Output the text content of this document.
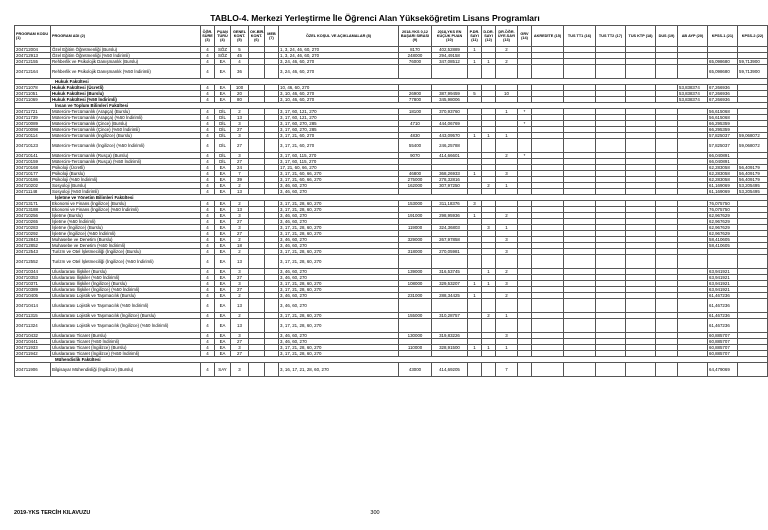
TABLO-4. Merkezi Yerleştirme İle Öğrenci Alan Yükseköğretim Lisans Programları
PROGRAM KODU (1)	PROGRAM ADI (2)	ÖĞR. SÜRE (3)	PUAN TÜRÜ (4)	GENEL KONT. (5)	OK.BİR. KONT. (6)	MEB (7)	ÖZEL KOŞUL VE AÇIKLAMALAR (8)	2018-YKS 0,12 BAŞARI SIRASI (9)	2018-YKS EN KÜÇÜK PUAN (10)	P.DR. SAYI (11)	D.DR. SAYI (12)	DR.ÖĞR. ÜYE.SAYI (13)	GRV (14)	AKREDİTE (15)	TUS TT1 (16)	TUS TT2 (17)	TUS KTP (18)	DUS (19)	AB AYP (20)	KPSS-1 (21)	KPSS-2 (22)
204712004	Özel Eğitim Öğretmenliği (Burslu)	4	SÖZ	5			1, 3, 24, 46, 60, 270	8170	402,52889	1		2									
204712913	Özel Eğitim Öğretmenliği (%50 İndirimli)	4	SÖZ	45			1, 3, 24, 46, 60, 270	248000	294,49158												
204712155	Rehberlik ve Psikolojik Danışmanlık (Burslu)	4	EA	4			3, 24, 46, 60, 270	76000	347,08512	1	1	2								65,098680	59,713900
204712164	Rehberlik ve Psikolojik Danışmanlık (%50 İndirimli)	4	EA	36			3, 24, 46, 60, 270													65,098680	59,713900
Hukuk Fakültesi																					
204711078	Hukuk Fakültesi (Ücretli)	4	EA	100			10, 46, 60, 270												53,838374	67,266936	
204711051	Hukuk Fakültesi (Burslu)	4	EA	20			3, 10, 46, 60, 270	26900	387,99459	5		10							53,838374	67,266936	
204711069	Hukuk Fakültesi (%50 İndirimli)	4	EA	80			3, 10, 46, 60, 270	77800	345,98006										53,838374	67,266936	
İnsan ve Toplum Bilimleri Fakültesi																					
204711721	Mütercim-Tercümanlık (Arapça) (Burslu)	4	DİL	2			3, 17, 60, 121, 270	18100	370,93760			1	*							56,615068	
204711739	Mütercim-Tercümanlık (Arapça) (%50 İndirimli)	4	DİL	13			3, 17, 60, 121, 270													56,615068	
204710089	Mütercim-Tercümanlık (Çince) (Burslu)	4	DİL	3			3, 17, 60, 270, 285	4710	444,06769				*							66,295359	
204710098	Mütercim-Tercümanlık (Çince) (%50 İndirimli)	4	DİL	27			3, 17, 60, 270, 285													66,295359	
204710114	Mütercim-Tercümanlık (İngilizce) (Burslu)	4	DİL	3			3, 17, 21, 60, 270	4830	443,09570	1	1	1								57,825037	59,068072
204710123	Mütercim-Tercümanlık (İngilizce) (%50 İndirimli)	4	DİL	27			3, 17, 21, 60, 270	55400	246,25788											57,825037	59,068072
204710141	Mütercim-Tercümanlık (Rusça) (Burslu)	4	DİL	3			3, 17, 60, 115, 270	9070	414,66601			2	*							66,040891	
204710159	Mütercim-Tercümanlık (Rusça) (%50 İndirimli)	4	DİL	27			3, 17, 60, 115, 270													66,040891	
204710168	Psikoloji (Ücretli)	4	EA	24			17, 21, 60, 66, 270													62,283058	56,409179
204710177	Psikoloji (Burslu)	4	EA	7			3, 17, 21, 60, 66, 270	46800	368,26933	1		3								62,283058	56,409179
204710186	Psikoloji (%50 İndirimli)	4	EA	39			3, 17, 21, 60, 66, 270	275000	278,32816											62,283058	56,409179
204710202	Sosyoloji (Burslu)	4	EA	2			3, 46, 60, 270	162000	307,97250		2	1								61,169069	53,205495
204711148	Sosyoloji (%50 İndirimli)	4	EA	13			3, 46, 60, 270													61,169069	53,205495
İşletme ve Yönetim Bilimleri Fakültesi																					
204713171	Ekonomi ve Finans (İngilizce) (Burslu)	4	EA	2			3, 17, 21, 28, 60, 270	153000	311,18376	3										76,075750	
204713188	Ekonomi ve Finans (İngilizce) (%50 İndirimli)	4	EA	13			3, 17, 21, 28, 60, 270													76,075750	
204710256	İşletme (Burslu)	4	EA	3			3, 46, 60, 270	191000	298,95936	1		2								62,967629	
204710265	İşletme (%50 İndirimli)	4	EA	27			3, 46, 60, 270													62,967629	
204710283	İşletme (İngilizce) (Burslu)	4	EA	3			3, 17, 21, 28, 60, 270	119000	324,36803		3	1								62,967629	
204710292	İşletme (İngilizce) (%50 İndirimli)	4	EA	27			3, 17, 21, 28, 60, 270													62,967629	
204712843	Muhasebe ve Denetim (Burslu)	4	EA	2			3, 46, 60, 270	329000	267,97858			3								58,410605	
204712852	Muhasebe ve Denetim (%50 İndirimli)	4	EA	18			3, 46, 60, 270													58,410605	
204712543	Turizm ve Otel İşletmeciliği (İngilizce) (Burslu)	4	EA	2			3, 17, 21, 28, 60, 270	318000	270,05981			3									
204712552	Turizm ve Otel İşletmeciliği (İngilizce) (%50 İndirimli)	4	EA	13			3, 17, 21, 28, 60, 270														
204710344	Uluslararası İlişkiler (Burslu)	4	EA	3			3, 46, 60, 270	139000	316,53745		1	2								63,941921	
204710353	Uluslararası İlişkiler (%50 İndirimli)	4	EA	27			3, 46, 60, 270													63,941921	
204710371	Uluslararası İlişkiler (İngilizce) (Burslu)	4	EA	3			3, 17, 21, 28, 60, 270	108000	329,53207	1	1	3								63,941921	
204710389	Uluslararası İlişkiler (İngilizce) (%50 İndirimli)	4	EA	27			3, 17, 21, 28, 60, 270													63,941921	
204710405	Uluslararası Lojistik ve Taşımacılık (Burslu)	4	EA	2			3, 46, 60, 270	231000	288,34425	1		2								61,467236	
204710414	Uluslararası Lojistik ve Taşımacılık (%50 İndirimli)	4	EA	13			3, 46, 60, 270													61,467236	
204711315	Uluslararası Lojistik ve Taşımacılık (İngilizce) (Burslu)	4	EA	2			3, 17, 21, 28, 60, 270	155000	310,28757		2	1								61,467236	
204711324	Uluslararası Lojistik ve Taşımacılık (İngilizce) (%50 İndirimli)	4	EA	13			3, 17, 21, 28, 60, 270													61,467236	
204710432	Uluslararası Ticaret (Burslu)	4	EA	3			3, 46, 60, 270	130000	319,83226			3								60,885707	
204710441	Uluslararası Ticaret (%50 İndirimli)	4	EA	27			3, 46, 60, 270													60,885707	
204711933	Uluslararası Ticaret (İngilizce) (Burslu)	4	EA	3			3, 17, 21, 28, 60, 270	110000	328,91500	1	1	1								60,885707	
204711942	Uluslararası Ticaret (İngilizce) (%50 İndirimli)	4	EA	27			3, 17, 21, 28, 60, 270													60,885707	
Mühendislik Fakültesi																					
204711906	Bilgisayar Mühendisliği (İngilizce) (Burslu)	4	SAY	3			3, 16, 17, 21, 28, 60, 270	43000	414,69205			7								64,479069	
2019-YKS TERCİH KILAVUZU	300
